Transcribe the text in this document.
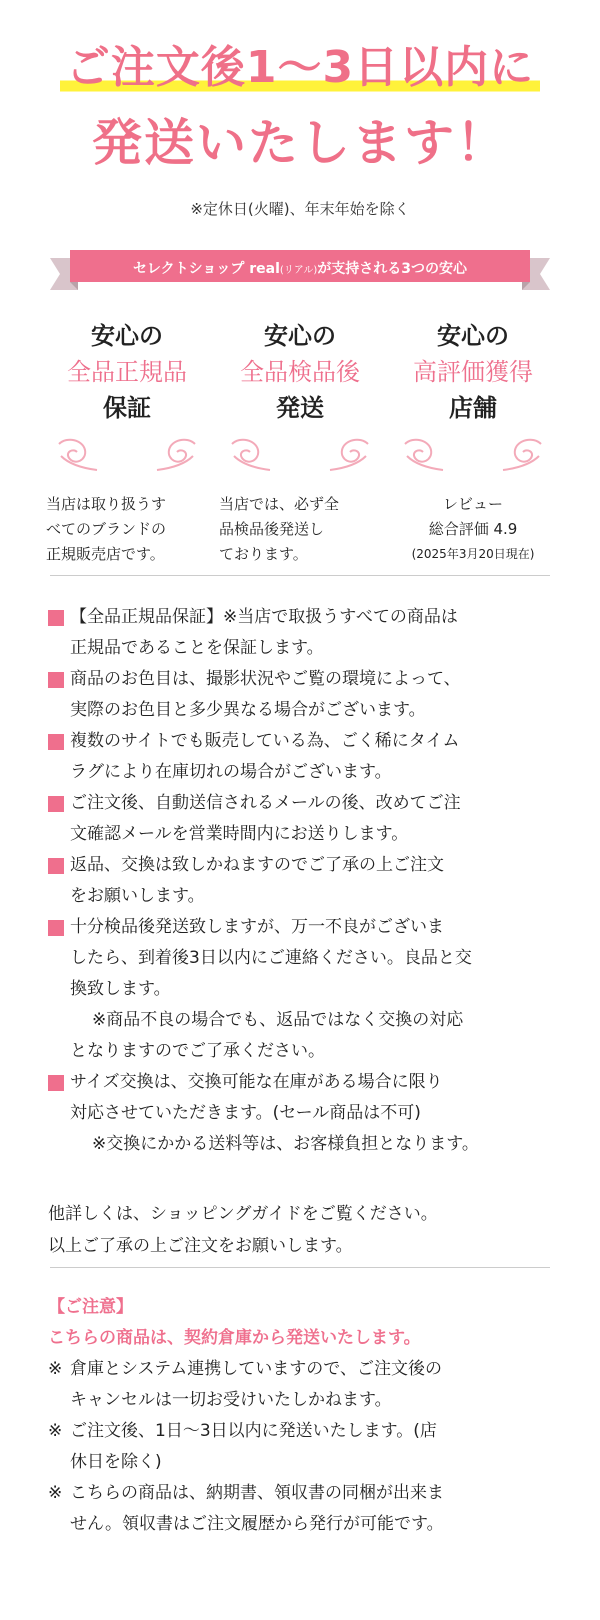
ご注文後1～3日以内に
発送いたします！
※定休日(火曜)、年末年始を除く
セレクトショップ real(リアル)が支持される3つの安心
安心の
全品正規品
保証
当店は取り扱うす
べてのブランドの
正規販売店です。
安心の
全品検品後
発送
当店では、必ず全
品検品後発送し
ております。
安心の
高評価獲得
店舗
レビュー
総合評価 4.9
(2025年3月20日現在)
【全品正規品保証】※当店で取扱うすべての商品は
正規品であることを保証します。
商品のお色目は、撮影状況やご覧の環境によって、
実際のお色目と多少異なる場合がございます。
複数のサイトでも販売している為、ごく稀にタイム
ラグにより在庫切れの場合がございます。
ご注文後、自動送信されるメールの後、改めてご注
文確認メールを営業時間内にお送りします。
返品、交換は致しかねますのでご了承の上ご注文
をお願いします。
十分検品後発送致しますが、万一不良がございま
したら、到着後3日以内にご連絡ください。良品と交
換致します。
※商品不良の場合でも、返品ではなく交換の対応
となりますのでご了承ください。
サイズ交換は、交換可能な在庫がある場合に限り
対応させていただきます。(セール商品は不可)
※交換にかかる送料等は、お客様負担となります。
他詳しくは、ショッピングガイドをご覧ください。
以上ご了承の上ご注文をお願いします。
【ご注意】
こちらの商品は、契約倉庫から発送いたします。
※ 倉庫とシステム連携していますので、ご注文後の
キャンセルは一切お受けいたしかねます。
※ ご注文後、1日～3日以内に発送いたします。(店
休日を除く)
※ こちらの商品は、納期書、領収書の同梱が出来ま
せん。領収書はご注文履歴から発行が可能です。
